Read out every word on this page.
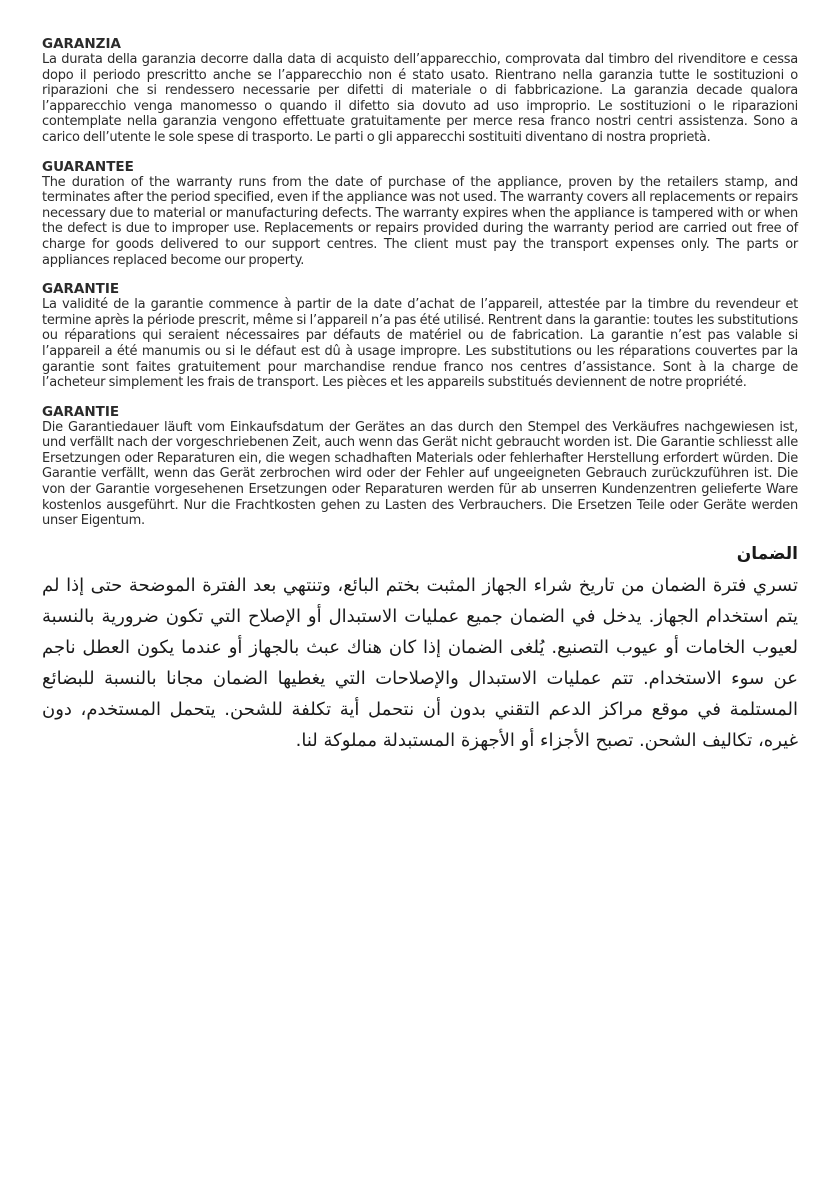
GARANZIA

La durata della garanzia decorre dalla data di acquisto dell’apparecchio, comprovata dal timbro del rivenditore e cessa dopo il periodo prescritto anche se l’apparecchio non é stato usato. Rientrano nella garanzia tutte le sostituzioni o riparazioni che si rendessero necessarie per difetti di materiale o di fabbricazione. La garanzia decade qualora l’apparecchio venga manomesso o quando il difetto sia dovuto ad uso improprio. Le sostituzioni o le riparazioni contemplate nella garanzia vengono effettuate gratuitamente per merce resa franco nostri centri assistenza. Sono a carico dell’utente le sole spese di trasporto. Le parti o gli apparecchi sostituiti diventano di nostra proprietà.

GUARANTEE

The duration of the warranty runs from the date of purchase of the appliance, proven by the retailers stamp, and terminates after the period specified, even if the appliance was not used. The warranty covers all replacements or repairs necessary due to material or manufacturing defects. The warranty expires when the appliance is tampered with or when the defect is due to improper use. Replacements or repairs provided during the warranty period are carried out free of charge for goods delivered to our support centres. The client must pay the transport expenses only. The parts or appliances replaced become our property.

GARANTIE

La validité de la garantie commence à partir de la date d’achat de l’appareil, attestée par la timbre du revendeur et termine après la période prescrit, même si l’appareil n’a pas été utilisé. Rentrent dans la garantie: toutes les substitutions ou réparations qui seraient nécessaires par défauts de matériel ou de fabrication. La garantie n’est pas valable si l’appareil a été manumis ou si le défaut est dû à usage impropre. Les substitutions ou les réparations couvertes par la garantie sont faites gratuitement pour marchandise rendue franco nos centres d’assistance. Sont à la charge de l’acheteur simplement les frais de transport. Les pièces et les appareils substitués deviennent de notre propriété.

GARANTIE

Die Garantiedauer läuft vom Einkaufsdatum der Gerätes an das durch den Stempel des Verkäufres nachgewiesen ist, und verfällt nach der vorgeschriebenen Zeit, auch wenn das Gerät nicht gebraucht worden ist. Die Garantie schliesst alle Ersetzungen oder Reparaturen ein, die wegen schadhaften Materials oder fehlerhafter Herstellung erfordert würden. Die Garantie verfällt, wenn das Gerät zerbrochen wird oder der Fehler auf ungeeigneten Gebrauch zurückzuführen ist. Die von der Garantie vorgesehenen Ersetzungen oder Reparaturen werden für ab unserren Kundenzentren gelieferte Ware kostenlos ausgeführt. Nur die Frachtkosten gehen zu Lasten des Verbrauchers. Die Ersetzen Teile oder Geräte werden unser Eigentum.

الضمان

تسري فترة الضمان من تاريخ شراء الجهاز المثبت بختم البائع، وتنتهي بعد الفترة الموضحة حتى إذا لم يتم استخدام الجهاز. يدخل في الضمان جميع عمليات الاستبدال أو الإصلاح التي تكون ضرورية بالنسبة لعيوب الخامات أو عيوب التصنيع. يُلغى الضمان إذا كان هناك عبث بالجهاز أو عندما يكون العطل ناجم عن سوء الاستخدام. تتم عمليات الاستبدال والإصلاحات التي يغطيها الضمان مجانا بالنسبة للبضائع المستلمة في موقع مراكز الدعم التقني بدون أن نتحمل أية تكلفة للشحن. يتحمل المستخدم، دون غيره، تكاليف الشحن. تصبح الأجزاء أو الأجهزة المستبدلة مملوكة لنا.
